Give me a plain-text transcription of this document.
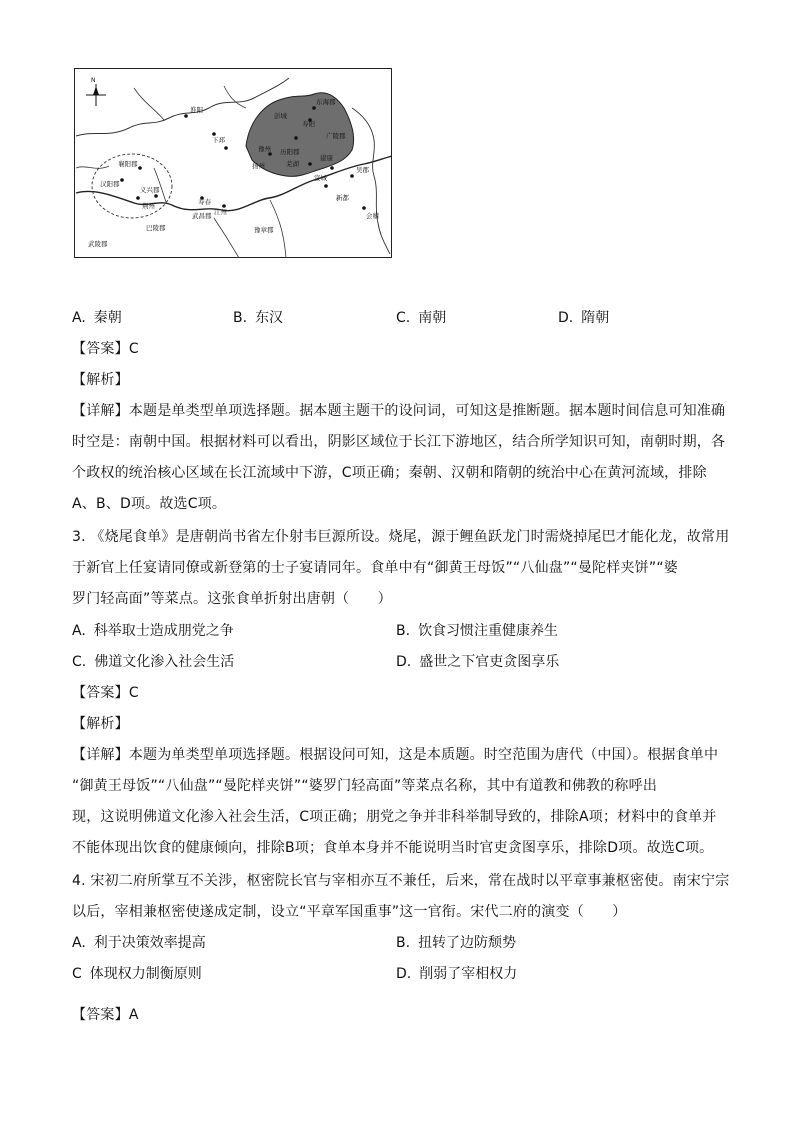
N
襄阳郡
汉阳郡
荆州
义兴郡
豫州
寿阳
广陵郡
扬州
历阳郡
建康
芜湖
宣城
吴郡
会稽
江州
武昌郡
巴陵郡	豫章郡
武陵郡
新都
东海郡
彭城
下邳
淮阳
寿春
A. 秦朝	B. 东汉	C. 南朝	D. 隋朝
【答案】C
【解析】
【详解】本题是单类型单项选择题。据本题主题干的设问词，可知这是推断题。据本题时间信息可知准确
时空是：南朝中国。根据材料可以看出，阴影区域位于长江下游地区，结合所学知识可知，南朝时期，各
个政权的统治核心区域在长江流域中下游，C项正确；秦朝、汉朝和隋朝的统治中心在黄河流域，排除
A、B、D项。故选C项。
3. 《烧尾食单》是唐朝尚书省左仆射韦巨源所设。烧尾，源于鲤鱼跃龙门时需烧掉尾巴才能化龙，故常用
于新官上任宴请同僚或新登第的士子宴请同年。食单中有“御黄王母饭”“八仙盘”“曼陀样夹饼”“婆
罗门轻高面”等菜点。这张食单折射出唐朝（　　）
A. 科举取士造成朋党之争	B. 饮食习惯注重健康养生
C. 佛道文化渗入社会生活	D. 盛世之下官吏贪图享乐
【答案】C
【解析】
【详解】本题为单类型单项选择题。根据设问可知，这是本质题。时空范围为唐代（中国）。根据食单中
“御黄王母饭”“八仙盘”“曼陀样夹饼”“婆罗门轻高面”等菜点名称，其中有道教和佛教的称呼出
现，这说明佛道文化渗入社会生活，C项正确；朋党之争并非科举制导致的，排除A项；材料中的食单并
不能体现出饮食的健康倾向，排除B项；食单本身并不能说明当时官吏贪图享乐，排除D项。故选C项。
4. 宋初二府所掌互不关涉，枢密院长官与宰相亦互不兼任，后来，常在战时以平章事兼枢密使。南宋宁宗
以后，宰相兼枢密使遂成定制，设立“平章军国重事”这一官衔。宋代二府的演变（　　）
A. 利于决策效率提高	B. 扭转了边防颓势
C 体现权力制衡原则	D. 削弱了宰相权力
【答案】A
